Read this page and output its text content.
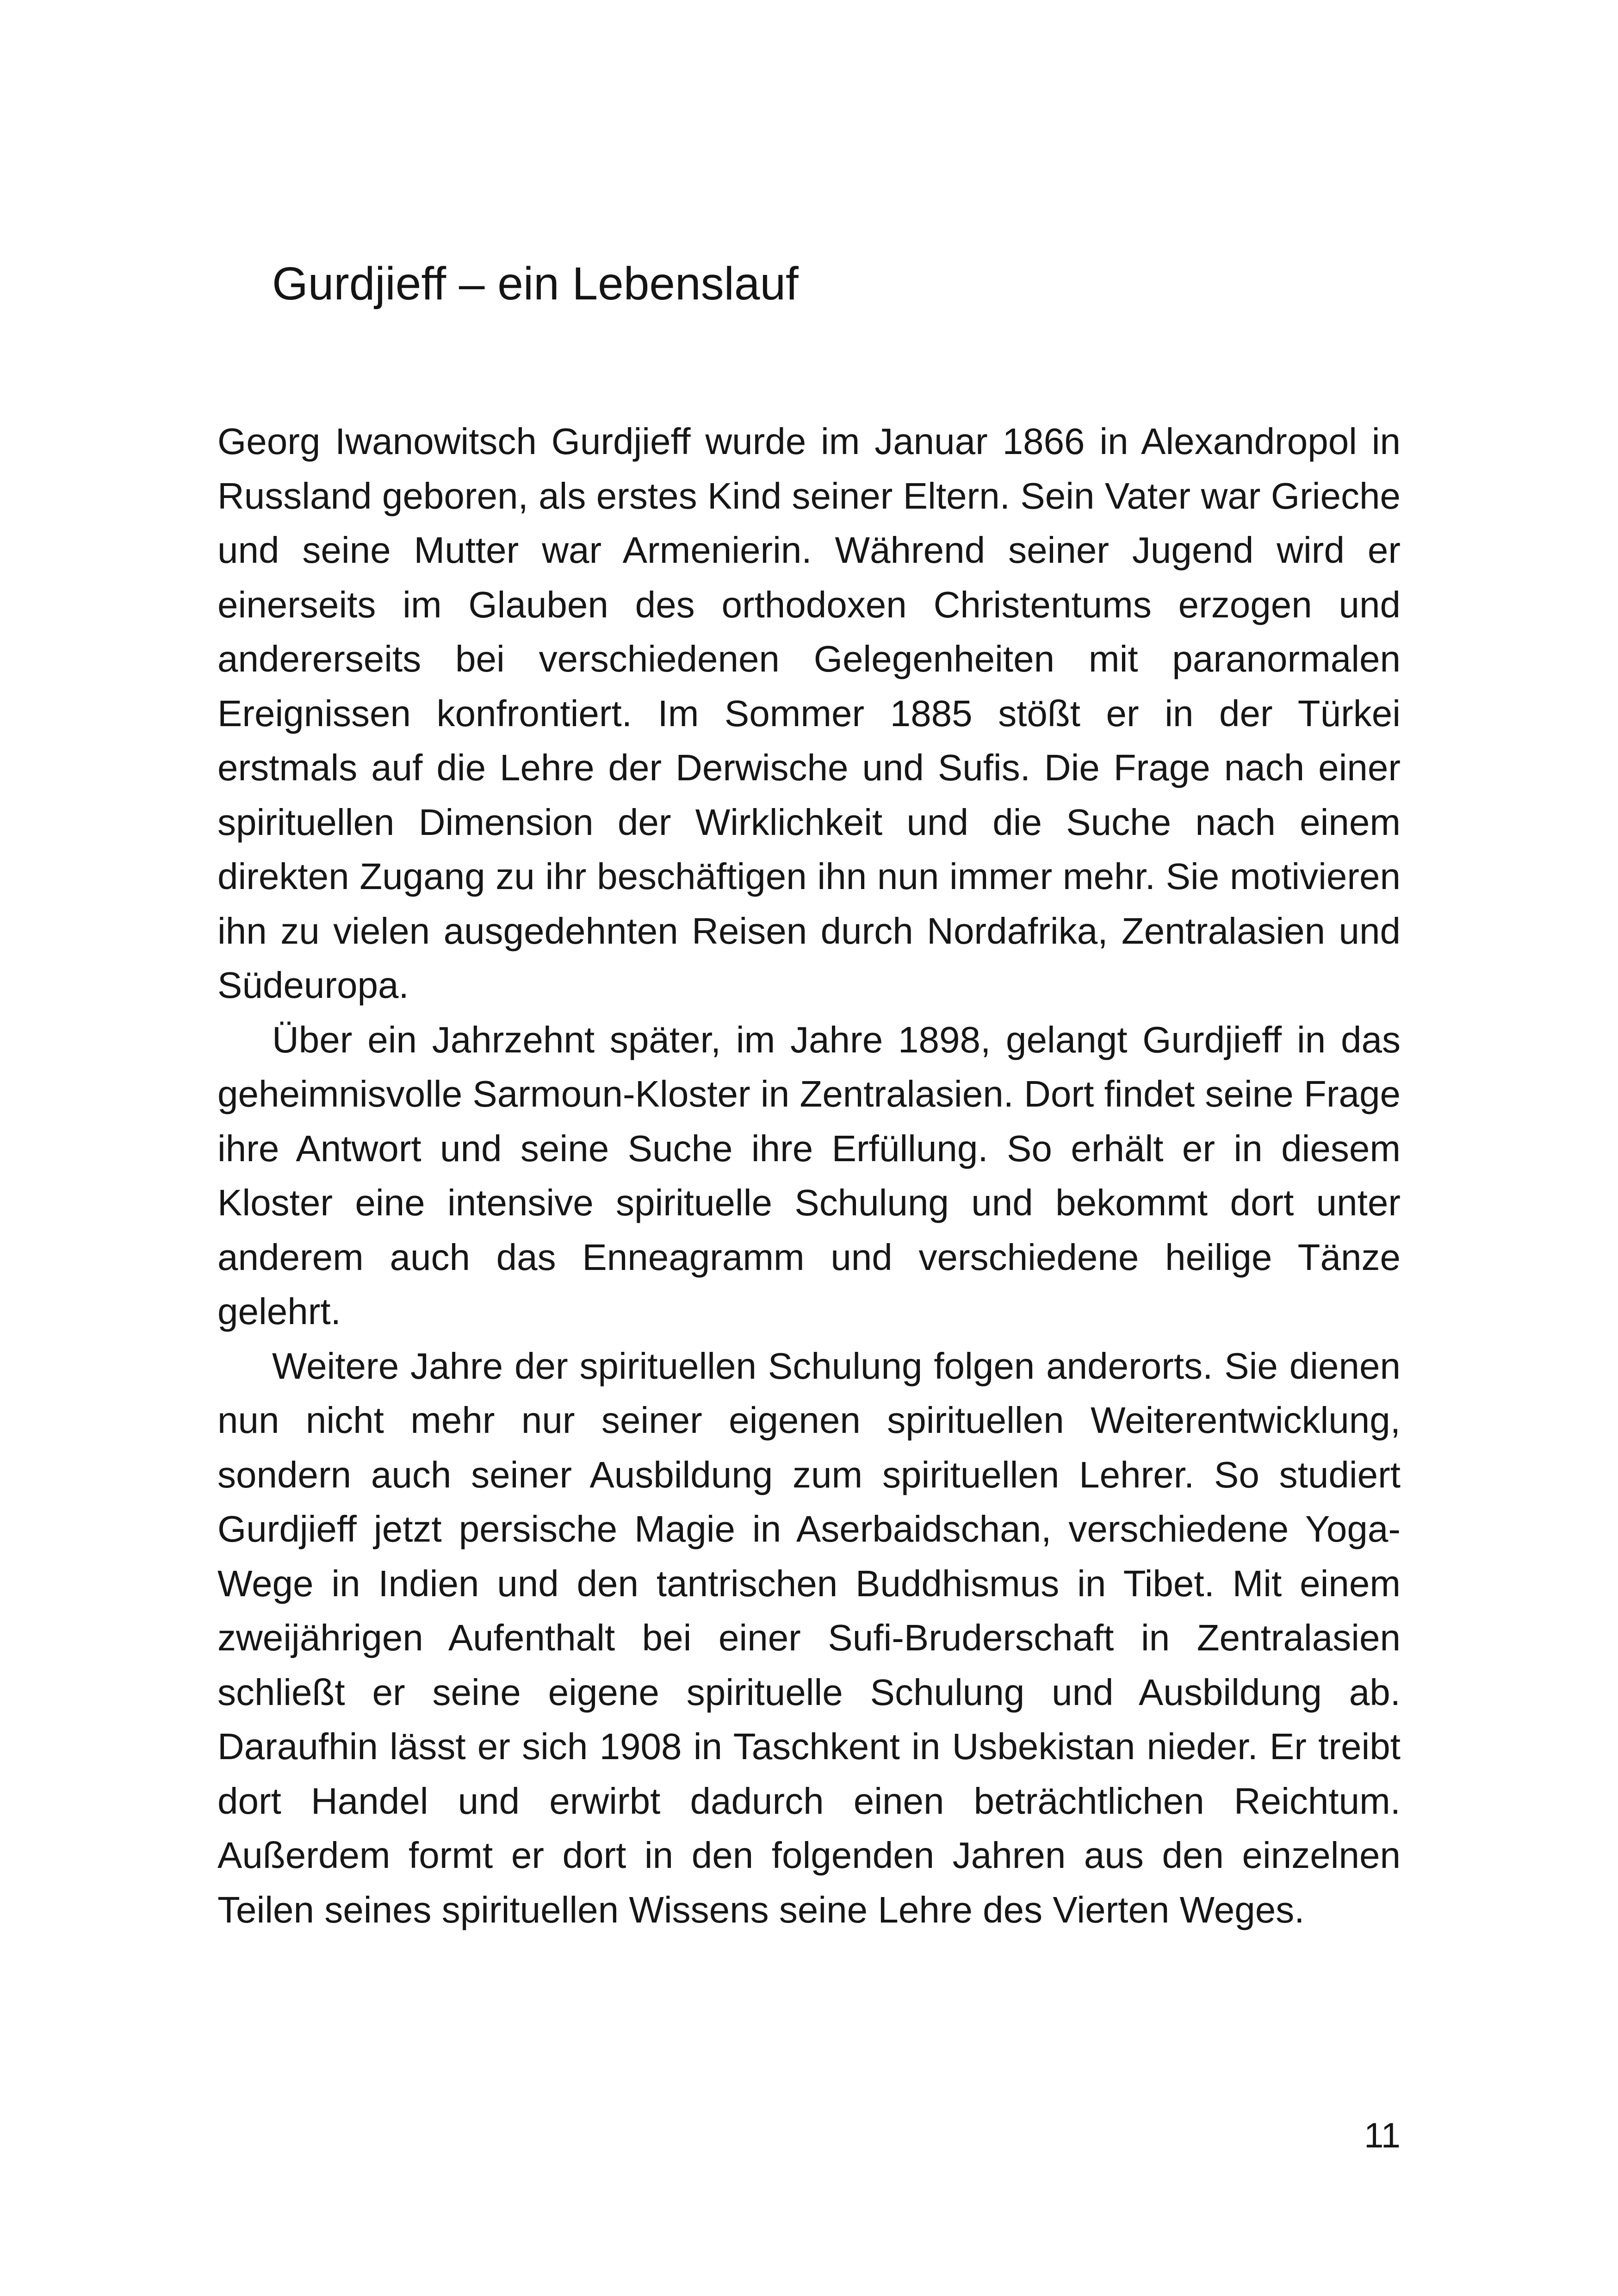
Gurdjieff – ein Lebenslauf

Georg Iwanowitsch Gurdjieff wurde im Januar 1866 in Alexandropol in Russland geboren, als erstes Kind seiner Eltern. Sein Vater war Grieche und seine Mutter war Armenierin. Während seiner Jugend wird er einerseits im Glauben des orthodoxen Christentums erzogen und andererseits bei verschiedenen Gelegenheiten mit paranormalen Ereignissen konfrontiert. Im Sommer 1885 stößt er in der Türkei erstmals auf die Lehre der Derwische und Sufis. Die Frage nach einer spirituellen Dimension der Wirklichkeit und die Suche nach einem direkten Zugang zu ihr beschäftigen ihn nun immer mehr. Sie motivieren ihn zu vielen ausgedehnten Reisen durch Nordafrika, Zentralasien und Südeuropa.

Über ein Jahrzehnt später, im Jahre 1898, gelangt Gurdjieff in das geheimnisvolle Sarmoun-Kloster in Zentralasien. Dort findet seine Frage ihre Antwort und seine Suche ihre Erfüllung. So erhält er in diesem Kloster eine intensive spirituelle Schulung und bekommt dort unter anderem auch das Enneagramm und verschiedene heilige Tänze gelehrt.

Weitere Jahre der spirituellen Schulung folgen anderorts. Sie dienen nun nicht mehr nur seiner eigenen spirituellen Weiterentwicklung, sondern auch seiner Ausbildung zum spirituellen Lehrer. So studiert Gurdjieff jetzt persische Magie in Aserbaidschan, verschiedene Yoga-Wege in Indien und den tantrischen Buddhismus in Tibet. Mit einem zweijährigen Aufenthalt bei einer Sufi-Bruderschaft in Zentralasien schließt er seine eigene spirituelle Schulung und Ausbildung ab. Daraufhin lässt er sich 1908 in Taschkent in Usbekistan nieder. Er treibt dort Handel und erwirbt dadurch einen beträchtlichen Reichtum. Außerdem formt er dort in den folgenden Jahren aus den einzelnen Teilen seines spirituellen Wissens seine Lehre des Vierten Weges.

11
